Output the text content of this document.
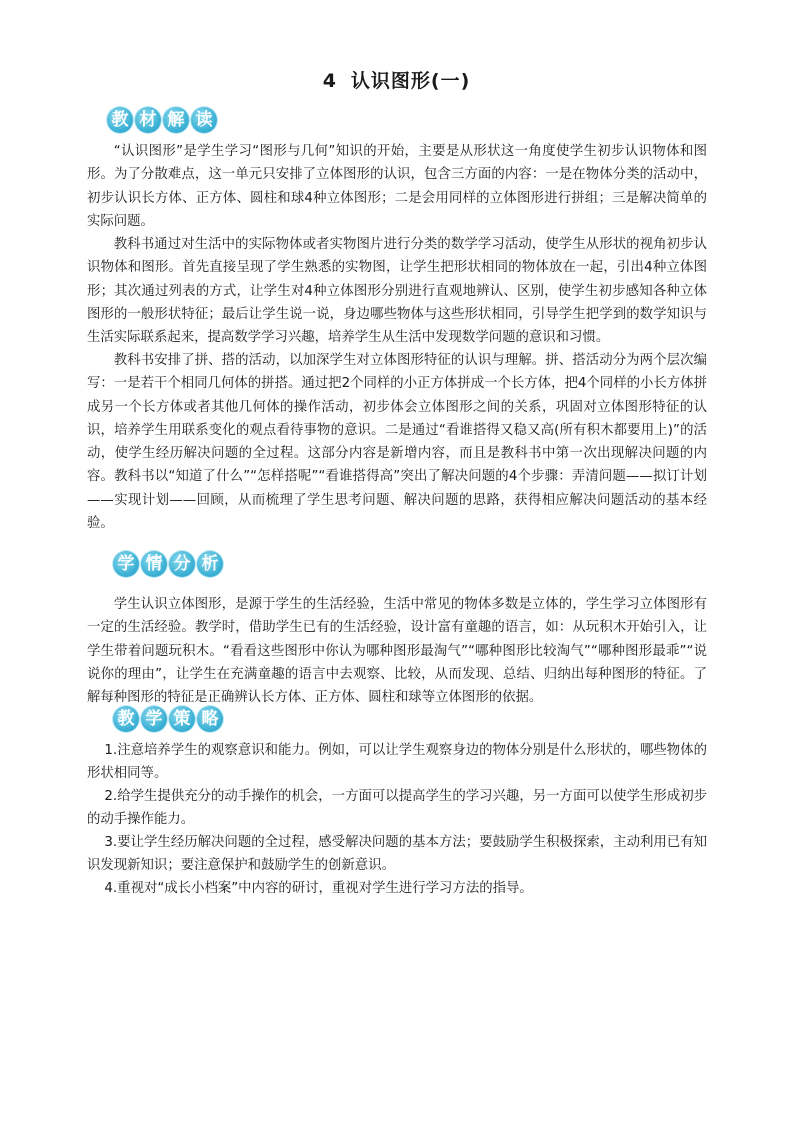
4 认识图形(一)
教 材 解 读

“认识图形”是学生学习“图形与几何”知识的开始，主要是从形状这一角度使学生初步认识物体和图形。为了分散难点，这一单元只安排了立体图形的认识，包含三方面的内容：一是在物体分类的活动中，初步认识长方体、正方体、圆柱和球4种立体图形；二是会用同样的立体图形进行拼组；三是解决简单的实际问题。

教科书通过对生活中的实际物体或者实物图片进行分类的数学学习活动，使学生从形状的视角初步认识物体和图形。首先直接呈现了学生熟悉的实物图，让学生把形状相同的物体放在一起，引出4种立体图形；其次通过列表的方式，让学生对4种立体图形分别进行直观地辨认、区别，使学生初步感知各种立体图形的一般形状特征；最后让学生说一说，身边哪些物体与这些形状相同，引导学生把学到的数学知识与生活实际联系起来，提高数学学习兴趣，培养学生从生活中发现数学问题的意识和习惯。

教科书安排了拼、搭的活动，以加深学生对立体图形特征的认识与理解。拼、搭活动分为两个层次编写：一是若干个相同几何体的拼搭。通过把2个同样的小正方体拼成一个长方体，把4个同样的小长方体拼成另一个长方体或者其他几何体的操作活动，初步体会立体图形之间的关系，巩固对立体图形特征的认识，培养学生用联系变化的观点看待事物的意识。二是通过“看谁搭得又稳又高(所有积木都要用上)”的活动，使学生经历解决问题的全过程。这部分内容是新增内容，而且是教科书中第一次出现解决问题的内容。教科书以“知道了什么”“怎样搭呢”“看谁搭得高”突出了解决问题的4个步骤：弄清问题——拟订计划——实现计划——回顾，从而梳理了学生思考问题、解决问题的思路，获得相应解决问题活动的基本经验。

学 情 分 析

学生认识立体图形，是源于学生的生活经验，生活中常见的物体多数是立体的，学生学习立体图形有一定的生活经验。教学时，借助学生已有的生活经验，设计富有童趣的语言，如：从玩积木开始引入，让学生带着问题玩积木。“看看这些图形中你认为哪种图形最淘气”“哪种图形比较淘气”“哪种图形最乖”“说说你的理由”，让学生在充满童趣的语言中去观察、比较，从而发现、总结、归纳出每种图形的特征。了解每种图形的特征是正确辨认长方体、正方体、圆柱和球等立体图形的依据。

教 学 策 略

1.注意培养学生的观察意识和能力。例如，可以让学生观察身边的物体分别是什么形状的，哪些物体的形状相同等。

2.给学生提供充分的动手操作的机会，一方面可以提高学生的学习兴趣，另一方面可以使学生形成初步的动手操作能力。

3.要让学生经历解决问题的全过程，感受解决问题的基本方法；要鼓励学生积极探索，主动利用已有知识发现新知识；要注意保护和鼓励学生的创新意识。

4.重视对“成长小档案”中内容的研讨，重视对学生进行学习方法的指导。
